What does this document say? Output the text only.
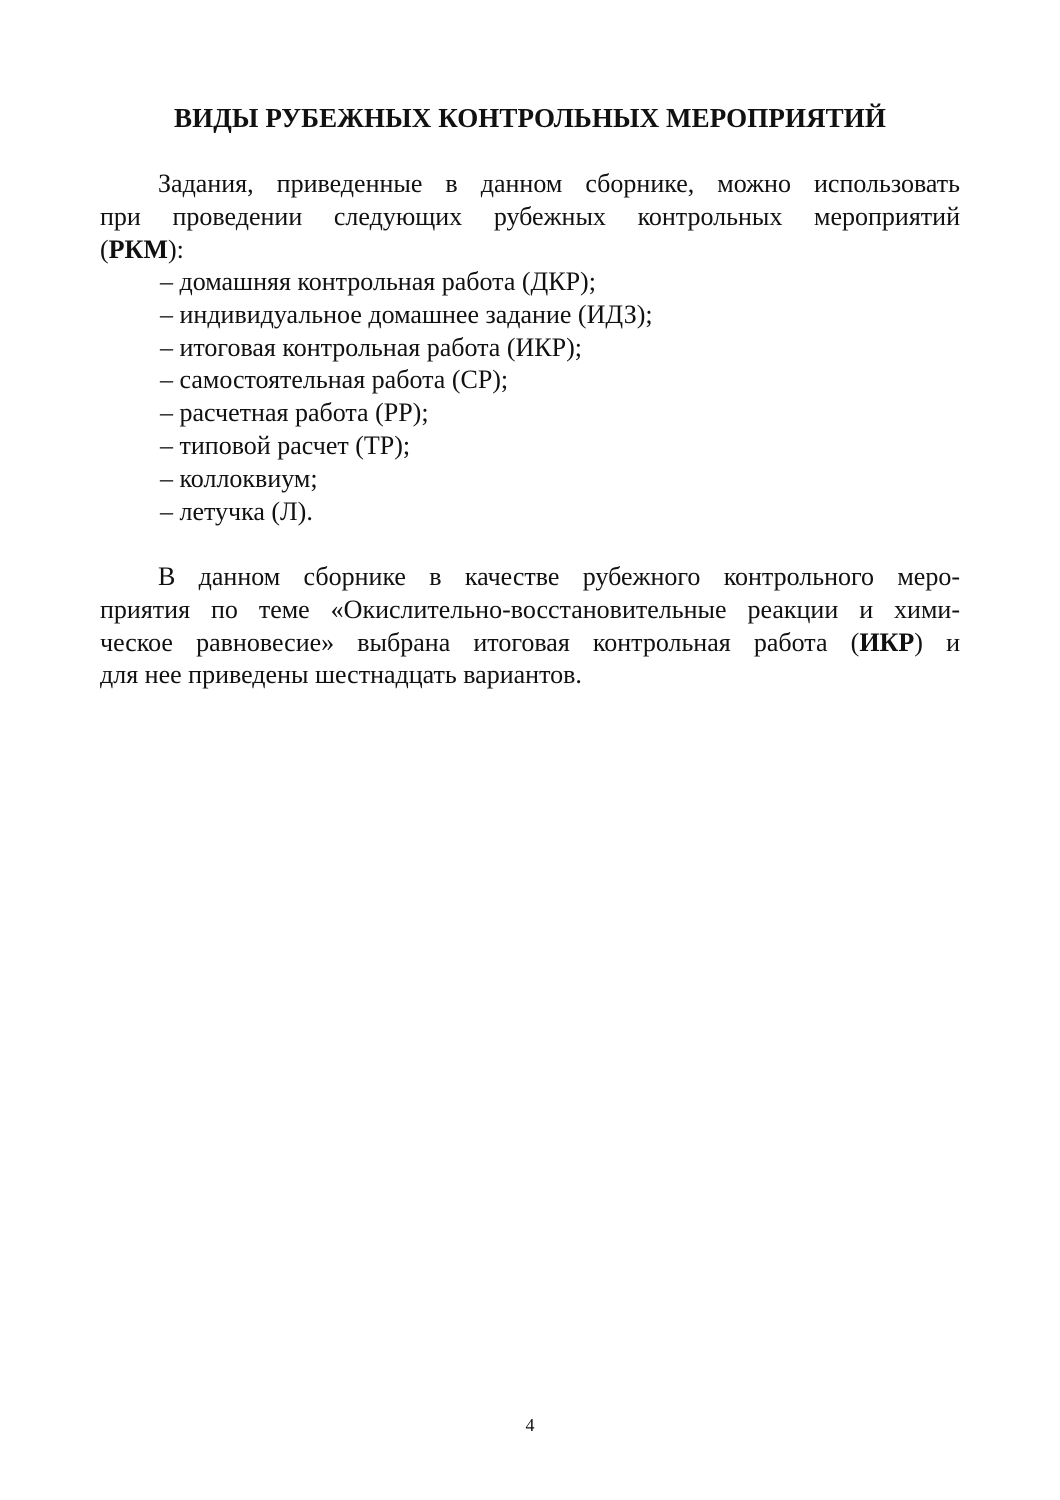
ВИДЫ РУБЕЖНЫХ КОНТРОЛЬНЫХ МЕРОПРИЯТИЙ
Задания, приведенные в данном сборнике, можно использовать
при проведении следующих рубежных контрольных мероприятий
(РКМ):
– домашняя контрольная работа (ДКР);
– индивидуальное домашнее задание (ИДЗ);
– итоговая контрольная работа (ИКР);
– самостоятельная работа (СР);
– расчетная работа (РР);
– типовой расчет (ТР);
– коллоквиум;
– летучка (Л).
В данном сборнике в качестве рубежного контрольного меро-
приятия по теме «Окислительно-восстановительные реакции и хими-
ческое равновесие» выбрана итоговая контрольная работа (ИКР) и
для нее приведены шестнадцать вариантов.
4
